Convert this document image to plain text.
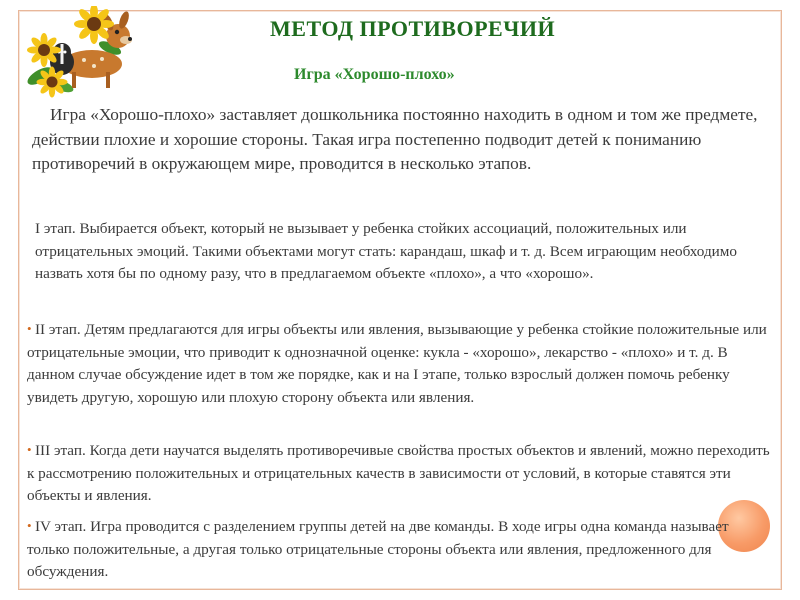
МЕТОД ПРОТИВОРЕЧИЙ
Игра «Хорошо-плохо»
Игра «Хорошо-плохо» заставляет дошкольника постоянно находить в одном и том же предмете, действии плохие и хорошие стороны. Такая игра постепенно подводит детей к пониманию противоречий в окружающем мире, проводится в несколько этапов.
I этап. Выбирается объект, который не вызывает у ребенка стойких ассоциаций, положительных или отрицательных эмоций. Такими объектами могут стать: карандаш, шкаф и т. д. Всем играющим необходимо назвать хотя бы по одному разу, что в предлагаемом объекте «плохо», а что «хорошо».
• II этап. Детям предлагаются для игры объекты или явления, вызывающие у ребенка стойкие положительные или отрицательные эмоции, что приводит к однозначной оценке: кукла - «хорошо», лекарство - «плохо» и т. д. В данном случае обсуждение идет в том же порядке, как и на I этапе, только взрослый должен помочь ребенку увидеть другую, хорошую или плохую сторону объекта или явления.
• III этап. Когда дети научатся выделять противоречивые свойства простых объектов и явлений, можно переходить к рассмотрению положительных и отрицательных качеств в зависимости от условий, в которые ставятся эти объекты и явления.
• IV этап. Игра проводится с разделением группы детей на две команды. В ходе игры одна команда называет только положительные, а другая только отрицательные стороны объекта или явления, предложенного для обсуждения.
